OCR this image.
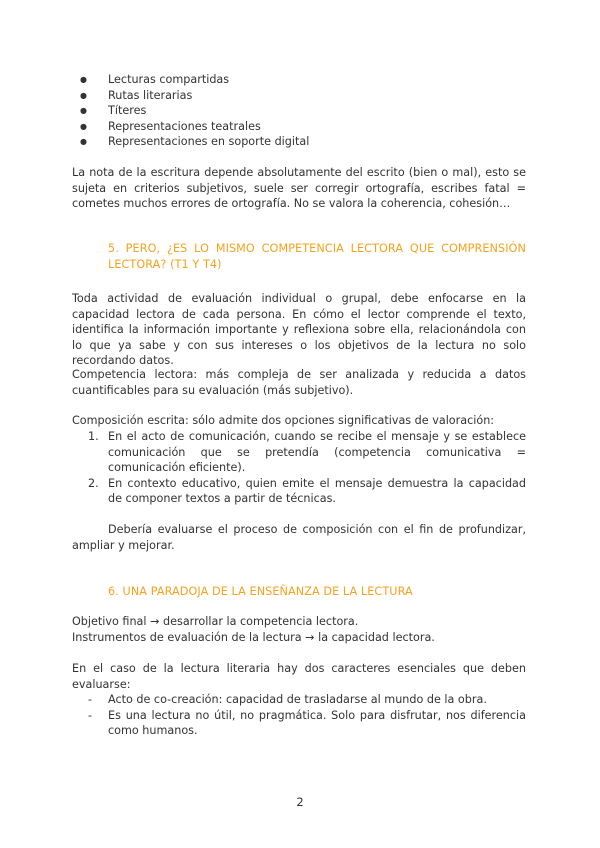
● Lecturas compartidas
● Rutas literarias
● Títeres
● Representaciones teatrales
● Representaciones en soporte digital

La nota de la escritura depende absolutamente del escrito (bien o mal), esto se sujeta en criterios subjetivos, suele ser corregir ortografía, escribes fatal = cometes muchos errores de ortografía. No se valora la coherencia, cohesión…

5. PERO, ¿ES LO MISMO COMPETENCIA LECTORA QUE COMPRENSIÓN LECTORA? (T1 Y T4)

Toda actividad de evaluación individual o grupal, debe enfocarse en la capacidad lectora de cada persona. En cómo el lector comprende el texto, identifica la información importante y reflexiona sobre ella, relacionándola con lo que ya sabe y con sus intereses o los objetivos de la lectura no solo recordando datos.

Competencia lectora: más compleja de ser analizada y reducida a datos cuantificables para su evaluación (más subjetivo).

Composición escrita: sólo admite dos opciones significativas de valoración:

1. En el acto de comunicación, cuando se recibe el mensaje y se establece comunicación que se pretendía (competencia comunicativa = comunicación eficiente).
2. En contexto educativo, quien emite el mensaje demuestra la capacidad de componer textos a partir de técnicas.

Debería evaluarse el proceso de composición con el fin de profundizar, ampliar y mejorar.

6. UNA PARADOJA DE LA ENSEÑANZA DE LA LECTURA

Objetivo final → desarrollar la competencia lectora.

Instrumentos de evaluación de la lectura → la capacidad lectora.

En el caso de la lectura literaria hay dos caracteres esenciales que deben evaluarse:

- Acto de co-creación: capacidad de trasladarse al mundo de la obra.
- Es una lectura no útil, no pragmática. Solo para disfrutar, nos diferencia como humanos.
2
